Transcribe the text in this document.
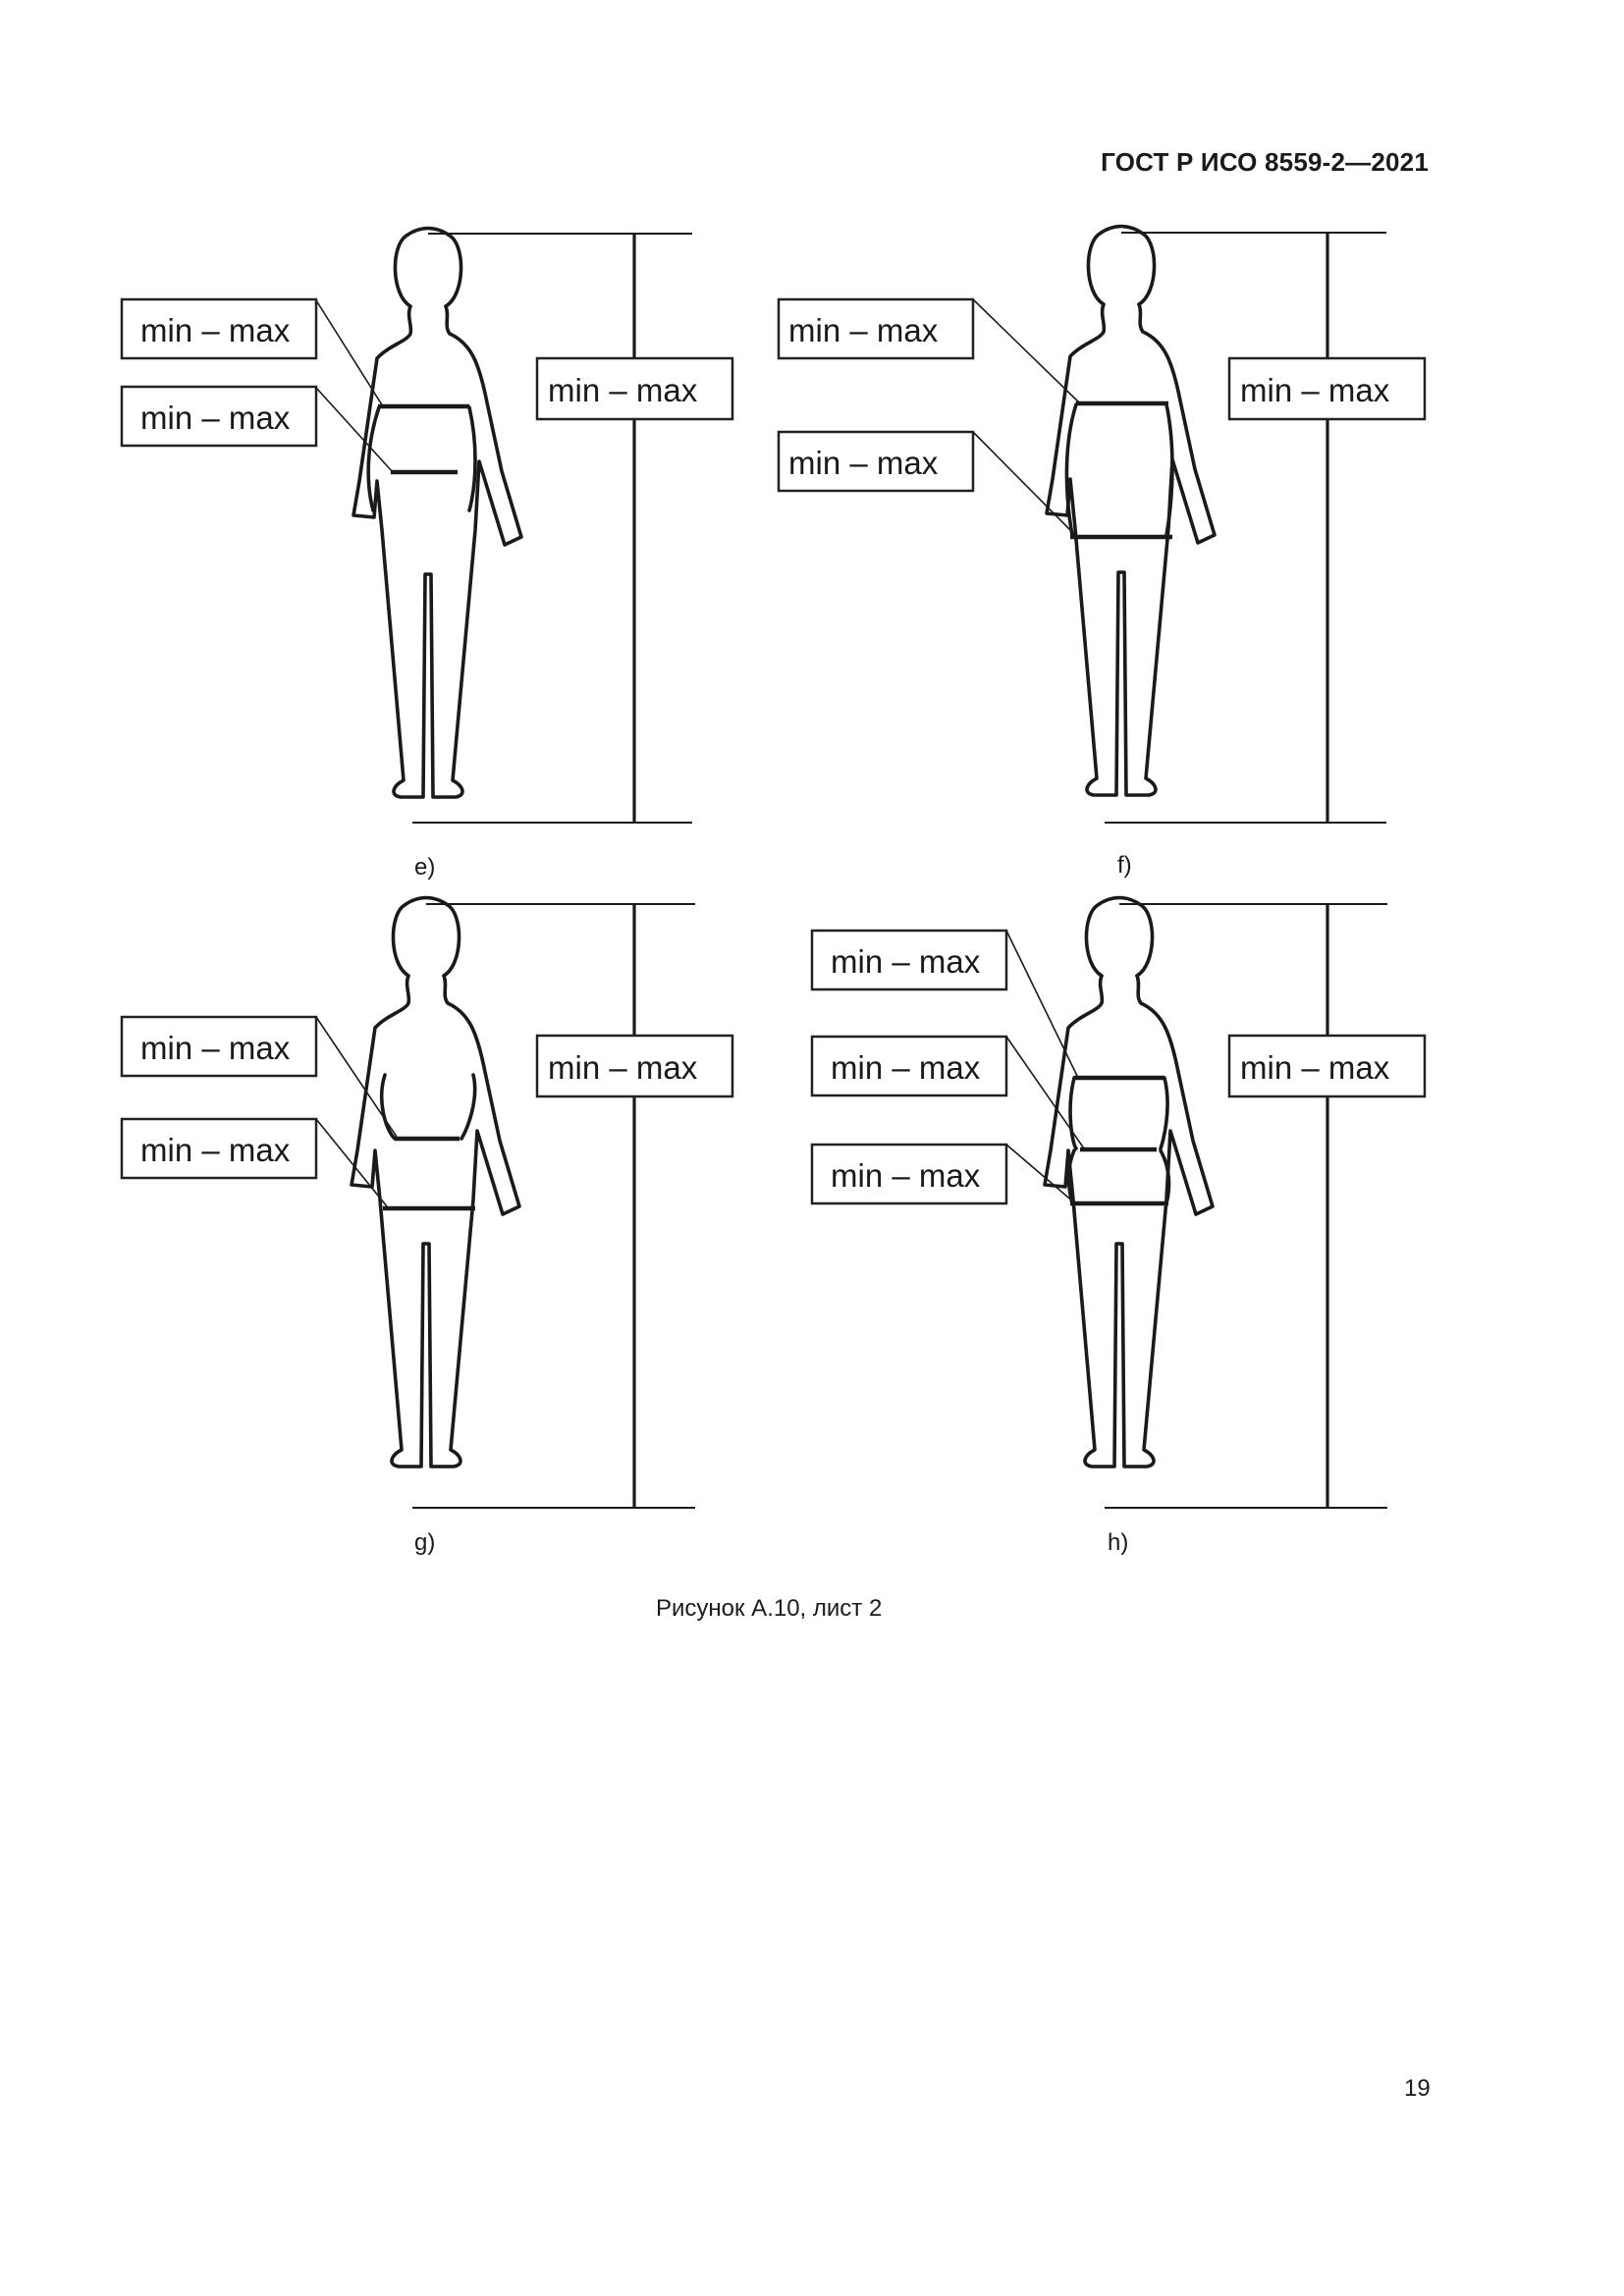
ГОСТ Р ИСО 8559-2—2021
min – max
min – max
min – max
e)
min – max
min – max
min – max
f)
min – max
min – max
min – max
g)
min – max
min – max
min – max
min – max
h)
Рисунок А.10, лист 2
19
